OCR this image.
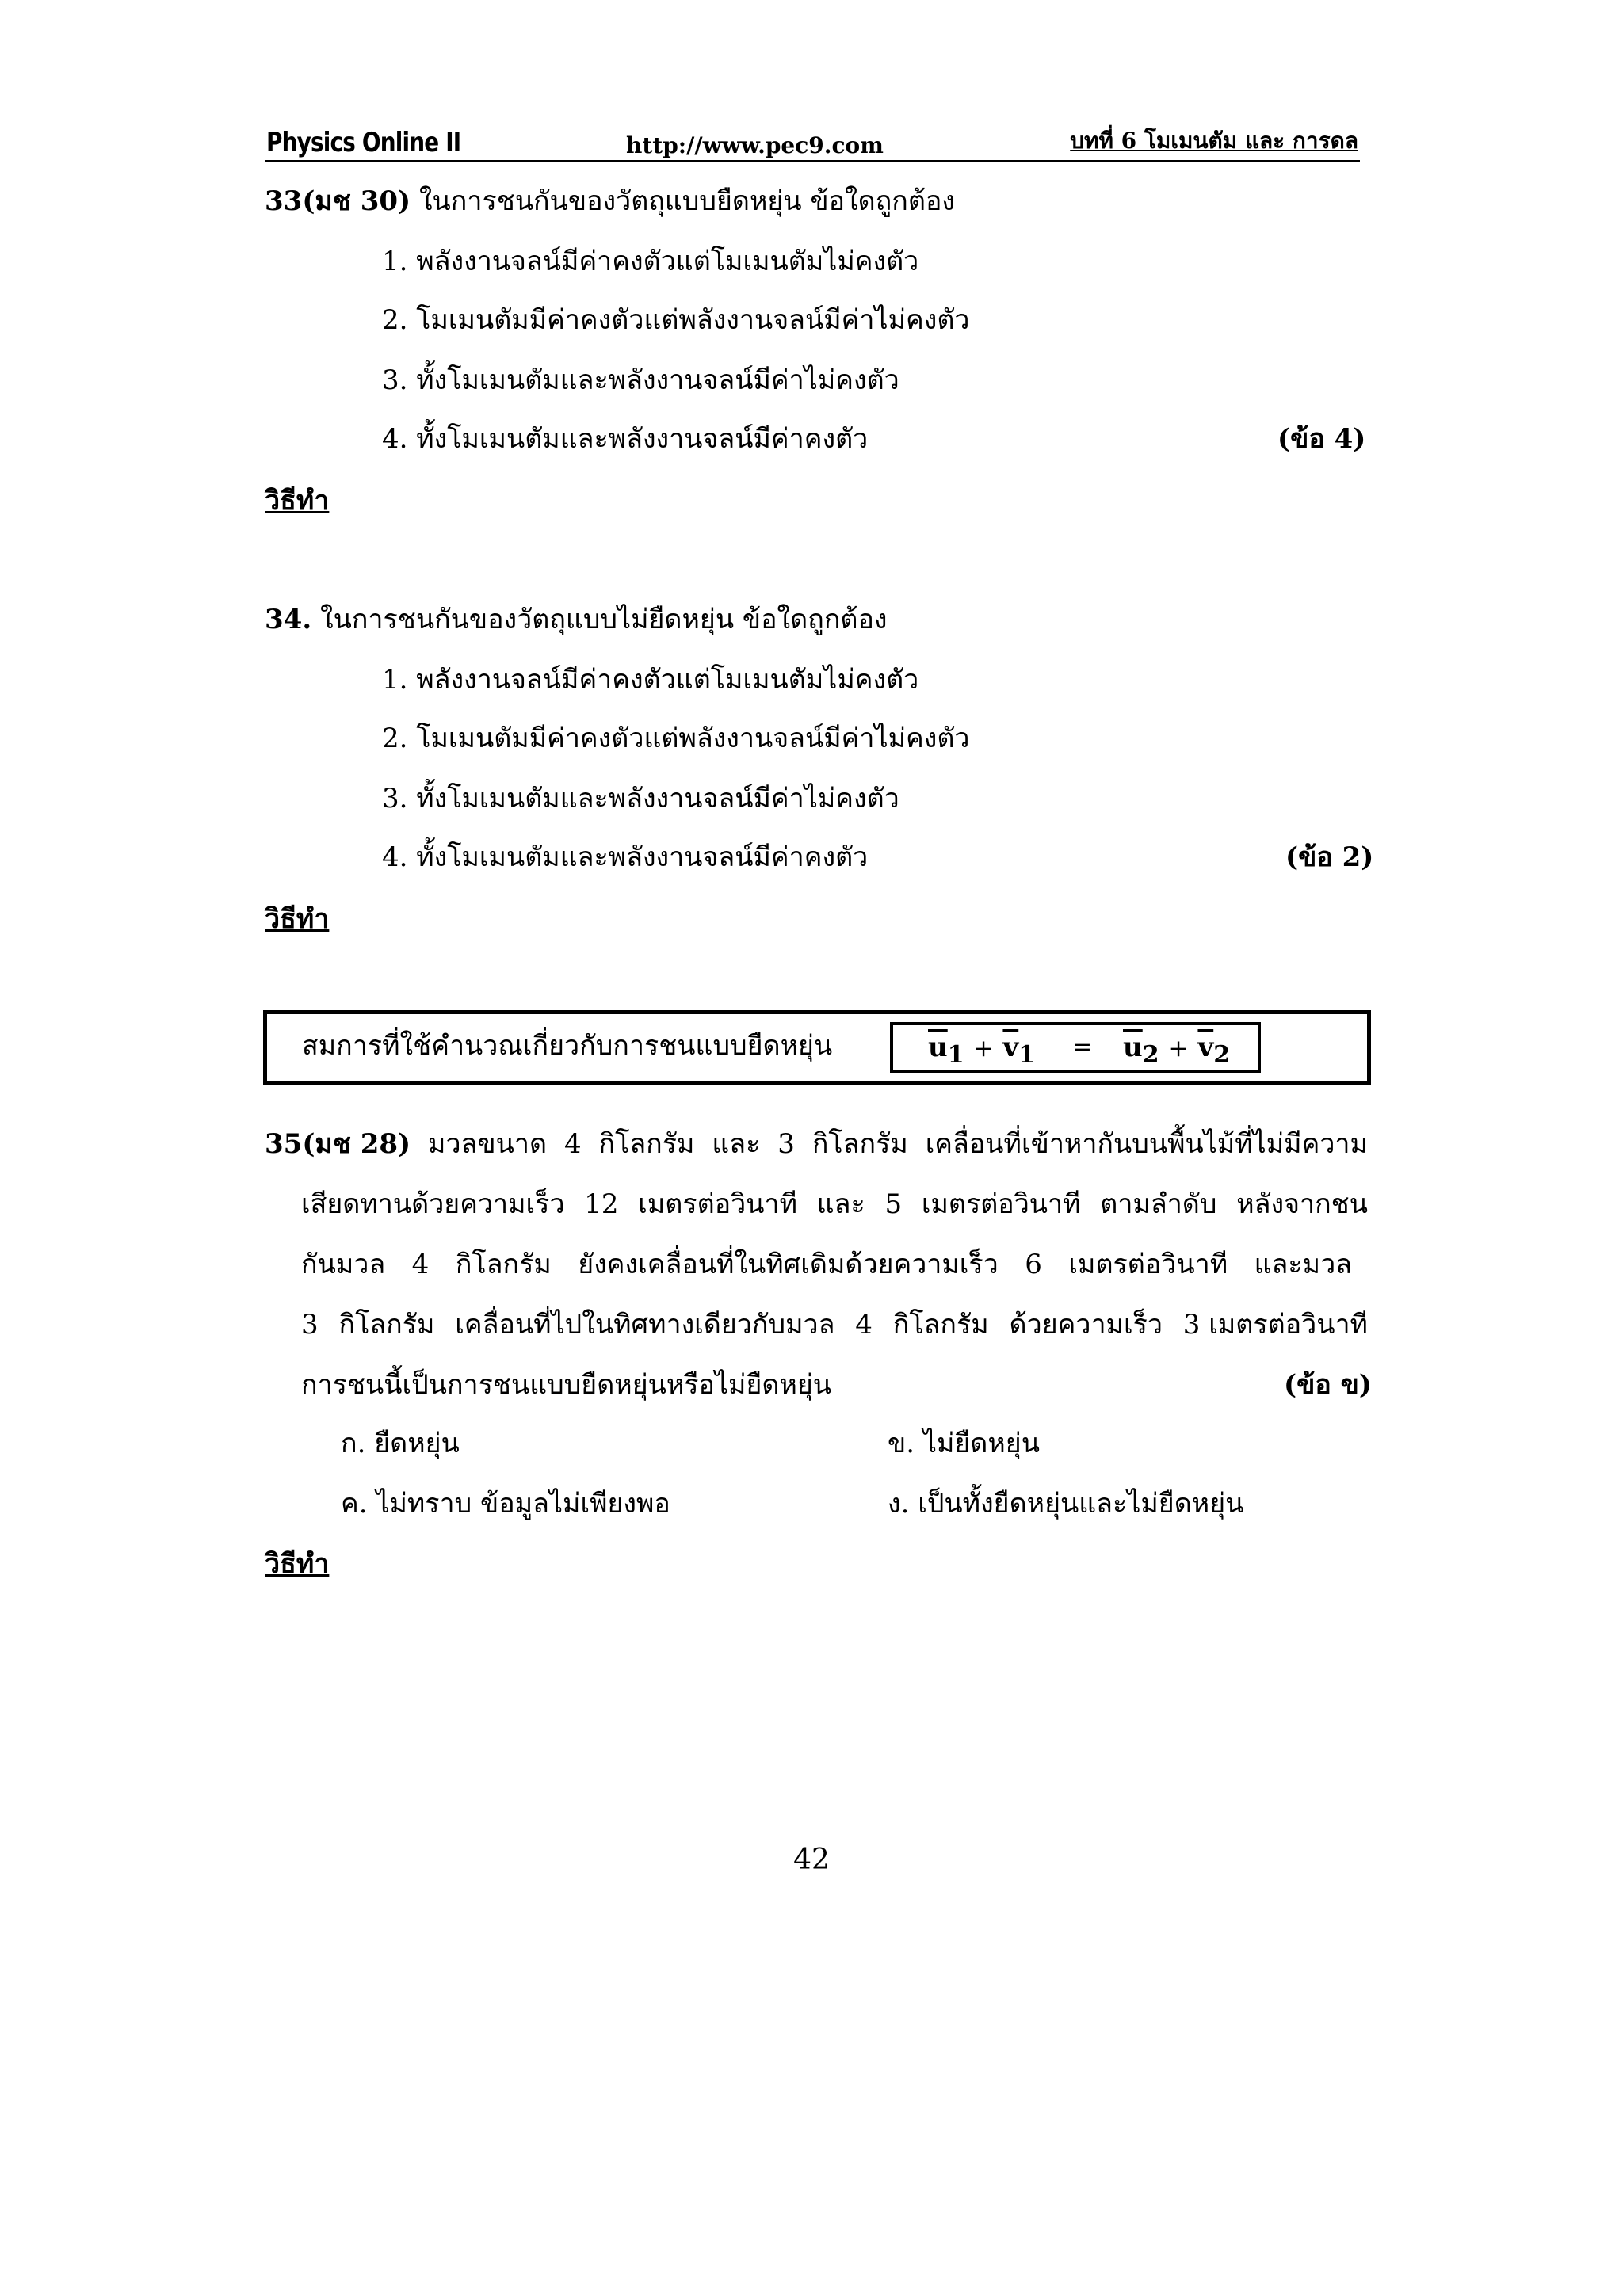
Physics Online II	http://www.pec9.com	บทที่ 6 โมเมนตัม และ การดล
33(มช 30) ในการชนกันของวัตถุแบบยืดหยุ่น ข้อใดถูกต้อง
1. พลังงานจลน์มีค่าคงตัวแต่โมเมนตัมไม่คงตัว
2. โมเมนตัมมีค่าคงตัวแต่พลังงานจลน์มีค่าไม่คงตัว
3. ทั้งโมเมนตัมและพลังงานจลน์มีค่าไม่คงตัว
4. ทั้งโมเมนตัมและพลังงานจลน์มีค่าคงตัว	(ข้อ 4)
วิธีทำ
34. ในการชนกันของวัตถุแบบไม่ยืดหยุ่น ข้อใดถูกต้อง
1. พลังงานจลน์มีค่าคงตัวแต่โมเมนตัมไม่คงตัว
2. โมเมนตัมมีค่าคงตัวแต่พลังงานจลน์มีค่าไม่คงตัว
3. ทั้งโมเมนตัมและพลังงานจลน์มีค่าไม่คงตัว
4. ทั้งโมเมนตัมและพลังงานจลน์มีค่าคงตัว	(ข้อ 2)
วิธีทำ
สมการที่ใช้คำนวณเกี่ยวกับการชนแบบยืดหยุ่น	$\overline{u}1 + \overline{v}1 = \overline{u}2 + \overline{v}2$
35(มช 28) มวลขนาด 4 กิโลกรัม และ 3 กิโลกรัม เคลื่อนที่เข้าหากันบนพื้นไม้ที่ไม่มีความ
เสียดทานด้วยความเร็ว 12 เมตรต่อวินาที และ 5 เมตรต่อวินาที ตามลำดับ หลังจากชน
กันมวล 4 กิโลกรัม ยังคงเคลื่อนที่ในทิศเดิมด้วยความเร็ว 6 เมตรต่อวินาที และมวล
3 กิโลกรัม เคลื่อนที่ไปในทิศทางเดียวกับมวล 4 กิโลกรัม ด้วยความเร็ว 3 เมตรต่อวินาที
การชนนี้เป็นการชนแบบยืดหยุ่นหรือไม่ยืดหยุ่น	(ข้อ ข)
ก. ยืดหยุ่น	ข. ไม่ยืดหยุ่น
ค. ไม่ทราบ ข้อมูลไม่เพียงพอ	ง. เป็นทั้งยืดหยุ่นและไม่ยืดหยุ่น
วิธีทำ
42
